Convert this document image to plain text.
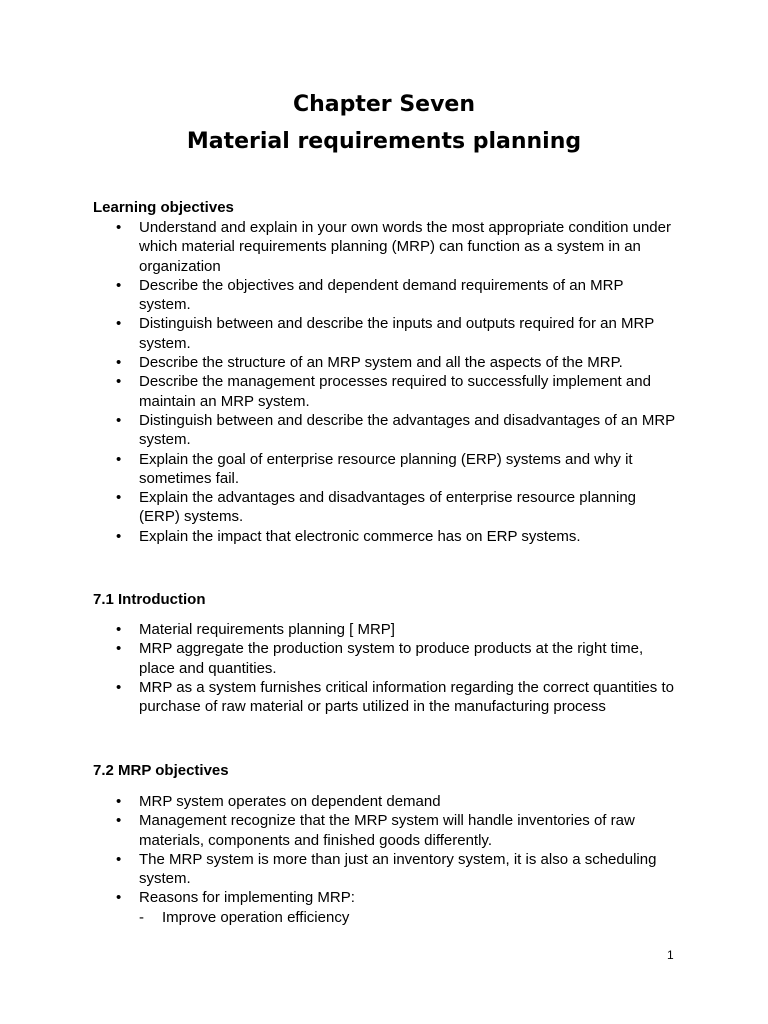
Chapter Seven
Material requirements planning
Learning objectives
• Understand and explain in your own words the most appropriate condition under which material requirements planning (MRP) can function as a system in an organization
• Describe the objectives and dependent demand requirements of an MRP system.
• Distinguish between and describe the inputs and outputs required for an MRP system.
• Describe the structure of an MRP system and all the aspects of the MRP.
• Describe the management processes required to successfully implement and maintain an MRP system.
• Distinguish between and describe the advantages and disadvantages of an MRP system.
• Explain the goal of enterprise resource planning (ERP) systems and why it sometimes fail.
• Explain the advantages and disadvantages of enterprise resource planning (ERP) systems.
• Explain the impact that electronic commerce has on ERP systems.
7.1 Introduction
• Material requirements planning [ MRP]
• MRP aggregate the production system to produce products at the right time, place and quantities.
• MRP as a system furnishes critical information regarding the correct quantities to purchase of raw material or parts utilized in the manufacturing process
7.2 MRP objectives
• MRP system operates on dependent demand
• Management recognize that the MRP system will handle inventories of raw materials, components and finished goods differently.
• The MRP system is more than just an inventory system, it is also a scheduling system.
• Reasons for implementing MRP:
- Improve operation efficiency
1
